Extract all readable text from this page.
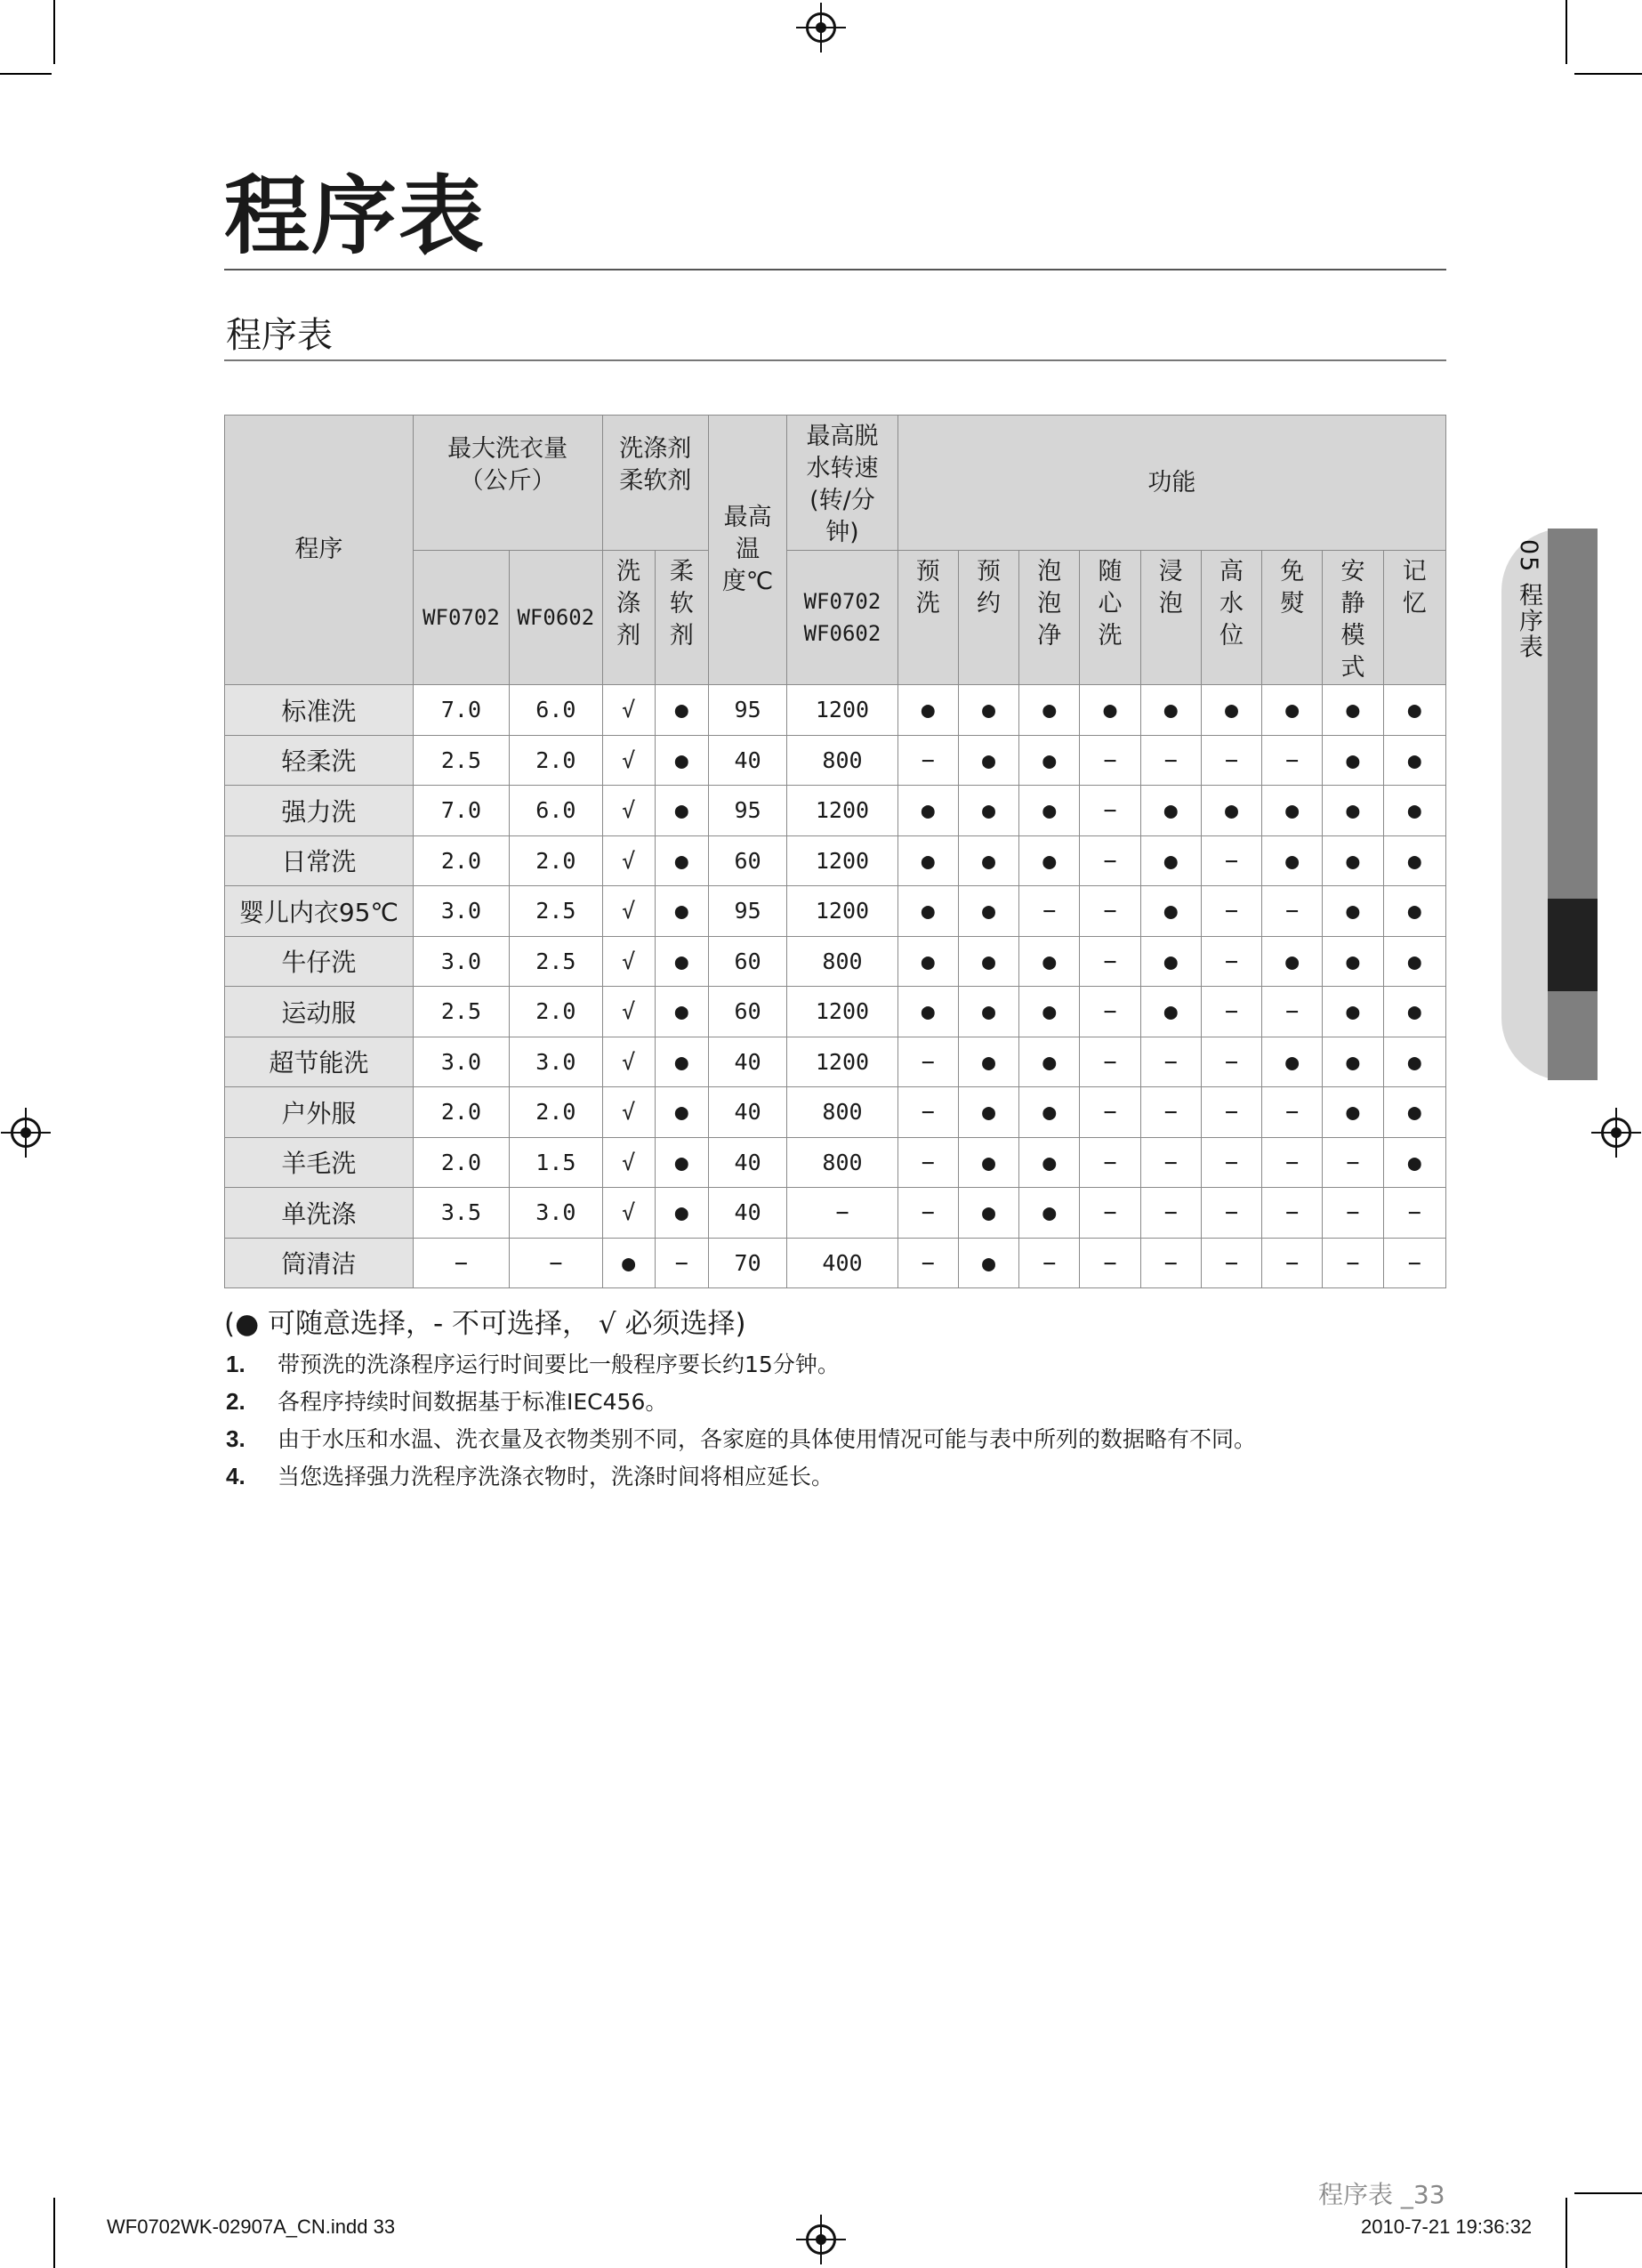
程序表
程序表
05 程序表
程序	最大洗衣量（公斤）		洗涤剂柔软剂		最高温度℃	最高脱水转速(转/分钟)	功能								
	WF0702	WF0602	洗涤剂	柔软剂		WF0702 WF0602	预洗	预约	泡泡净	随心洗	浸泡	高水位	免熨	安静模式	记忆

标准洗	7.0	6.0	√	●	95	1200	●	●	●	●	●	●	●	●	●
轻柔洗	2.5	2.0	√	●	40	800	−	●	●	−	−	−	−	●	●
强力洗	7.0	6.0	√	●	95	1200	●	●	●	−	●	●	●	●	●
日常洗	2.0	2.0	√	●	60	1200	●	●	●	−	●	−	●	●	●
婴儿内衣95℃	3.0	2.5	√	●	95	1200	●	●	−	−	●	−	−	●	●
牛仔洗	3.0	2.5	√	●	60	800	●	●	●	−	●	−	●	●	●
运动服	2.5	2.0	√	●	60	1200	●	●	●	−	●	−	−	●	●
超节能洗	3.0	3.0	√	●	40	1200	−	●	●	−	−	−	●	●	●
户外服	2.0	2.0	√	●	40	800	−	●	●	−	−	−	−	●	●
羊毛洗	2.0	1.5	√	●	40	800	−	●	●	−	−	−	−	−	●
单洗涤	3.5	3.0	√	●	40	−	−	●	●	−	−	−	−	−	−
筒清洁	−	−	●	−	70	400	−	●	−	−	−	−	−	−	−
(● 可随意选择，- 不可选择， √ 必须选择)
1. 带预洗的洗涤程序运行时间要比一般程序要长约15分钟。
2. 各程序持续时间数据基于标准IEC456。
3. 由于水压和水温、洗衣量及衣物类别不同，各家庭的具体使用情况可能与表中所列的数据略有不同。
4. 当您选择强力洗程序洗涤衣物时，洗涤时间将相应延长。
程序表 _33
WF0702WK-02907A_CN.indd 33	2010-7-21 19:36:32
